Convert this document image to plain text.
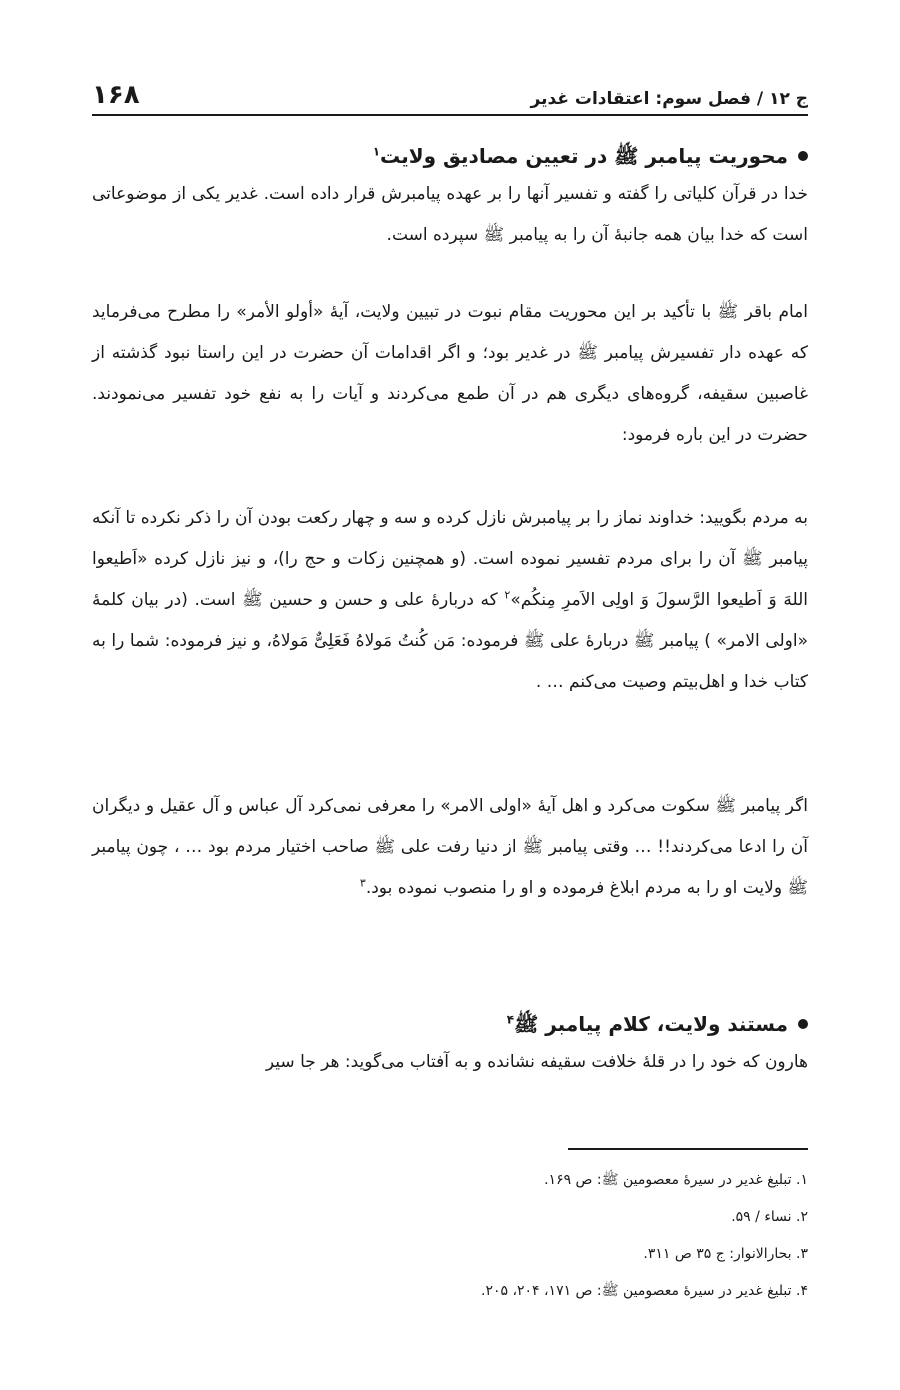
ج ۱۲ / فصل سوم: اعتقادات غدیر
۱۶۸
محوریت پیامبر ﷺ در تعیین مصادیق ولایت$^۱$

خدا در قرآن کلیاتی را گفته و تفسیر آنها را بر عهده پیامبرش قرار داده است. غدیر یکی از موضوعاتی است که خدا بیان همه جانبهٔ آن را به پیامبر ﷺ سپرده است.

امام باقر ﷺ با تأکید بر این محوریت مقام نبوت در تبیین ولایت، آیهٔ «أولو الأمر» را مطرح می‌فرماید که عهده دار تفسیرش پیامبر ﷺ در غدیر بود؛ و اگر اقدامات آن حضرت در این راستا نبود گذشته از غاصبین سقیفه، گروه‌های دیگری هم در آن طمع می‌کردند و آیات را به نفع خود تفسیر می‌نمودند. حضرت در این باره فرمود:

به مردم بگویید: خداوند نماز را بر پیامبرش نازل کرده و سه و چهار رکعت بودن آن را ذکر نکرده تا آنکه پیامبر ﷺ آن را برای مردم تفسیر نموده است. (و همچنین زکات و حج را)، و نیز نازل کرده «اَطیعوا اللهَ وَ اَطیعوا الرَّسولَ وَ اولِی الاَمرِ مِنکُم»$^۲$ که دربارهٔ علی و حسن و حسین ﷺ است. (در بیان کلمهٔ «اولی الامر» ) پیامبر ﷺ دربارهٔ علی ﷺ فرموده: مَن کُنتُ مَولاهُ فَعَلِیٌّ مَولاهُ، و نیز فرموده: شما را به کتاب خدا و اهل‌بیتم وصیت می‌کنم … .

اگر پیامبر ﷺ سکوت می‌کرد و اهل آیهٔ «اولی الامر» را معرفی نمی‌کرد آل عباس و آل عقیل و دیگران آن را ادعا می‌کردند!! … وقتی پیامبر ﷺ از دنیا رفت علی ﷺ صاحب اختیار مردم بود … ، چون پیامبر ﷺ ولایت او را به مردم ابلاغ فرموده و او را منصوب نموده بود.$^۳$

مستند ولایت، کلام پیامبر ﷺ$^۴$

هارون که خود را در قلهٔ خلافت سقیفه نشانده و به آفتاب می‌گوید: هر جا سیر

۱. تبلیغ غدیر در سیرهٔ معصومین ﷺ: ص ۱۶۹.

۲. نساء / ۵۹.

۳. بحارالانوار: ج ۳۵ ص ۳۱۱.

۴. تبلیغ غدیر در سیرهٔ معصومین ﷺ: ص ۱۷۱، ۲۰۴، ۲۰۵.
